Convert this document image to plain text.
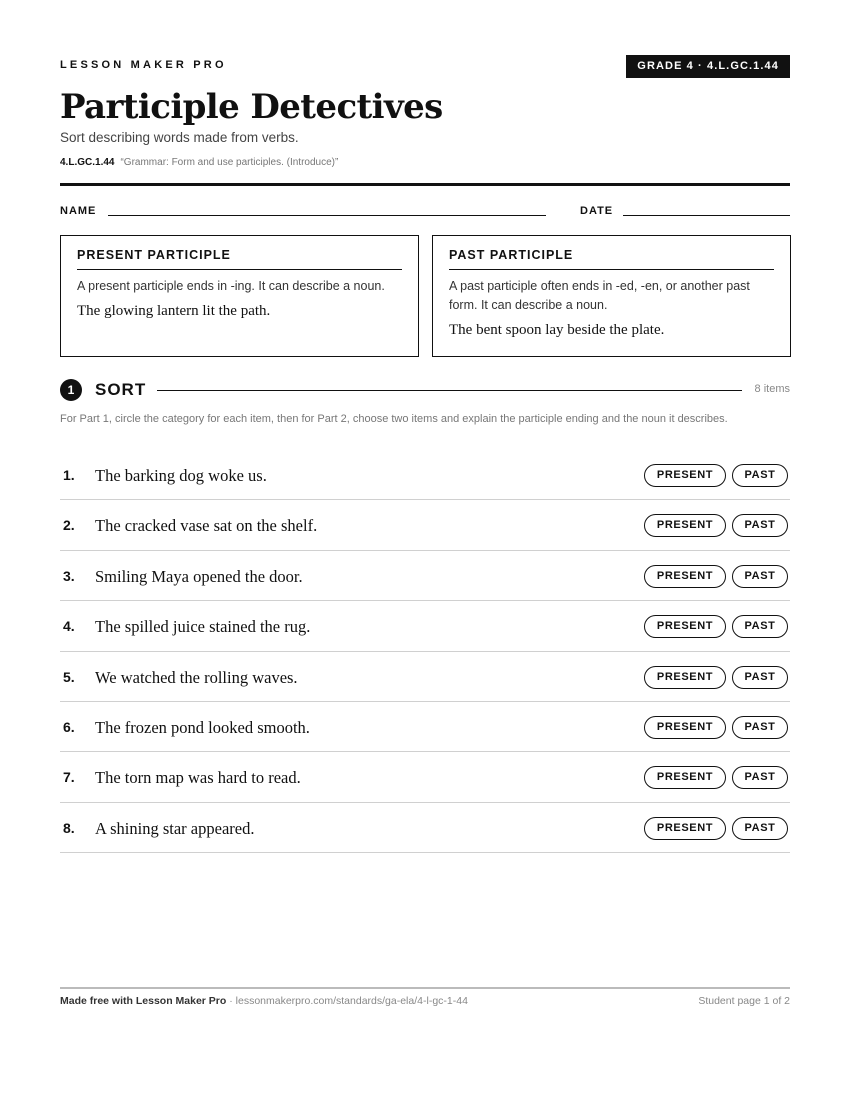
LESSON MAKER PRO	GRADE 4 · 4.L.GC.1.44
Participle Detectives
Sort describing words made from verbs.
4.L.GC.1.44 “Grammar: Form and use participles. (Introduce)”
NAME	DATE
PRESENT PARTICIPLE
A present participle ends in -ing. It can describe a noun.
The glowing lantern lit the path.
PAST PARTICIPLE
A past participle often ends in -ed, -en, or another past form. It can describe a noun.
The bent spoon lay beside the plate.
1	SORT	8 items
For Part 1, circle the category for each item, then for Part 2, choose two items and explain the participle ending and the noun it describes.
1. The barking dog woke us.	PRESENT	PAST
2. The cracked vase sat on the shelf.	PRESENT	PAST
3. Smiling Maya opened the door.	PRESENT	PAST
4. The spilled juice stained the rug.	PRESENT	PAST
5. We watched the rolling waves.	PRESENT	PAST
6. The frozen pond looked smooth.	PRESENT	PAST
7. The torn map was hard to read.	PRESENT	PAST
8. A shining star appeared.	PRESENT	PAST
Made free with Lesson Maker Pro · lessonmakerpro.com/standards/ga-ela/4-l-gc-1-44	Student page 1 of 2
